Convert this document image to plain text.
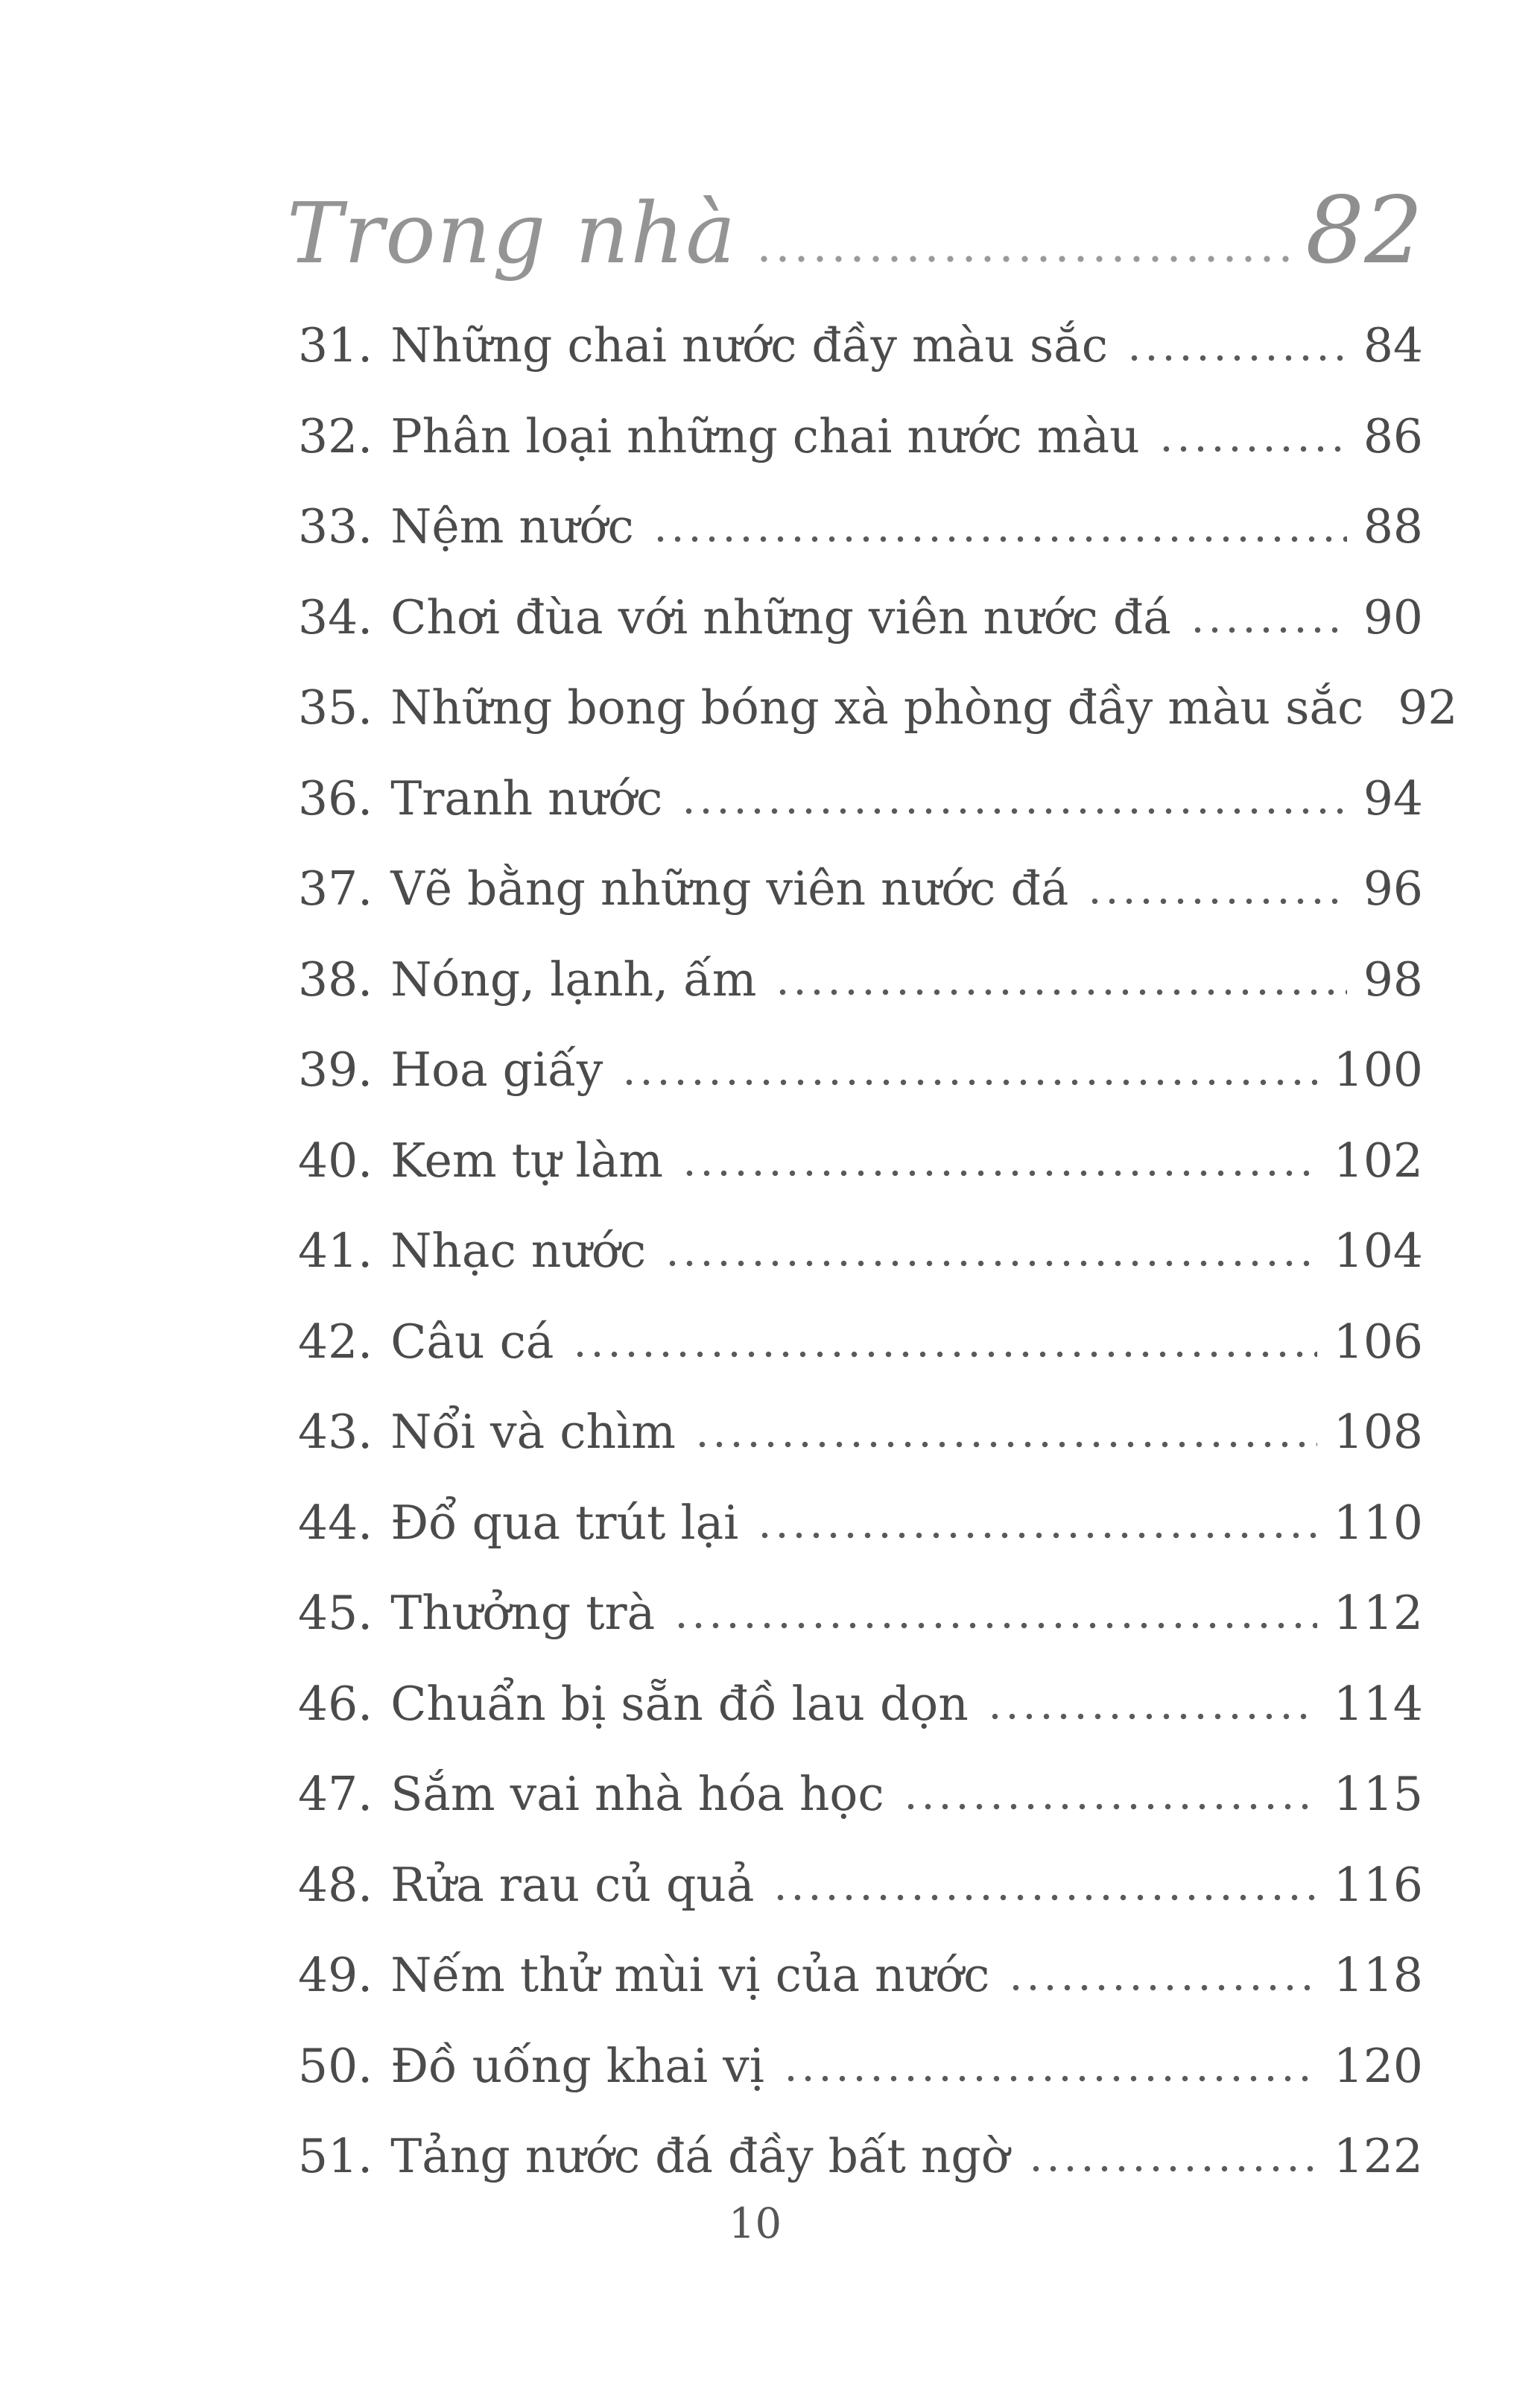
Trong nhà	82
31. Những chai nước đầy màu sắc	84
32. Phân loại những chai nước màu	86
33. Nệm nước	88
34. Chơi đùa với những viên nước đá	90
35. Những bong bóng xà phòng đầy màu sắc 92
36. Tranh nước	94
37. Vẽ bằng những viên nước đá	96
38. Nóng, lạnh, ấm	98
39. Hoa giấy	100
40. Kem tự làm	102
41. Nhạc nước	104
42. Câu cá	106
43. Nổi và chìm	108
44. Đổ qua trút lại	110
45. Thưởng trà	112
46. Chuẩn bị sẵn đồ lau dọn	114
47. Sắm vai nhà hóa học	115
48. Rửa rau củ quả	116
49. Nếm thử mùi vị của nước	118
50. Đồ uống khai vị	120
51. Tảng nước đá đầy bất ngờ	122
10
